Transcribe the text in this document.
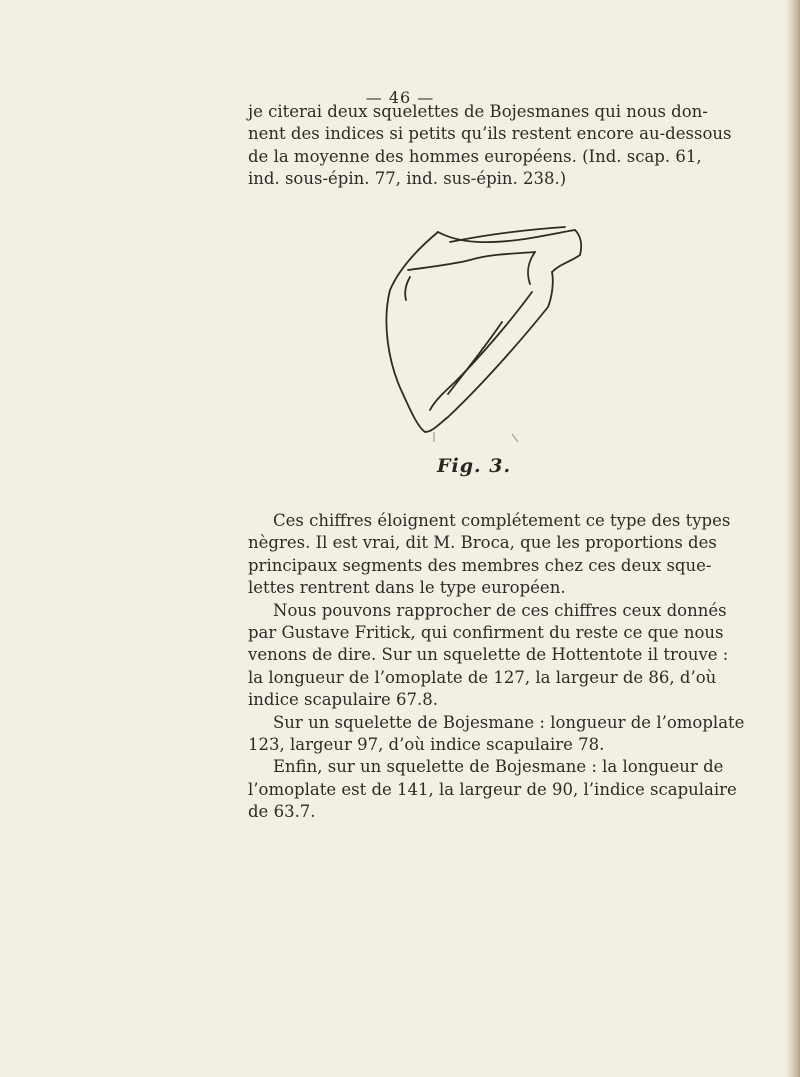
— 46 —
je citerai deux squelettes de Bojesmanes qui nous don-
nent des indices si petits qu’ils restent encore au-dessous
de la moyenne des hommes européens. (Ind. scap. 61,
ind. sous-épin. 77, ind. sus-épin. 238.)
Fig. 3.
Ces chiffres éloignent complétement ce type des types
nègres. Il est vrai, dit M. Broca, que les proportions des
principaux segments des membres chez ces deux sque-
lettes rentrent dans le type européen.
Nous pouvons rapprocher de ces chiffres ceux donnés
par Gustave Fritick, qui confirment du reste ce que nous
venons de dire. Sur un squelette de Hottentote il trouve :
la longueur de l’omoplate de 127, la largeur de 86, d’où
indice scapulaire 67.8.
Sur un squelette de Bojesmane : longueur de l’omoplate
123, largeur 97, d’où indice scapulaire 78.
Enfin, sur un squelette de Bojesmane : la longueur de
l’omoplate est de 141, la largeur de 90, l’indice scapulaire
de 63.7.
